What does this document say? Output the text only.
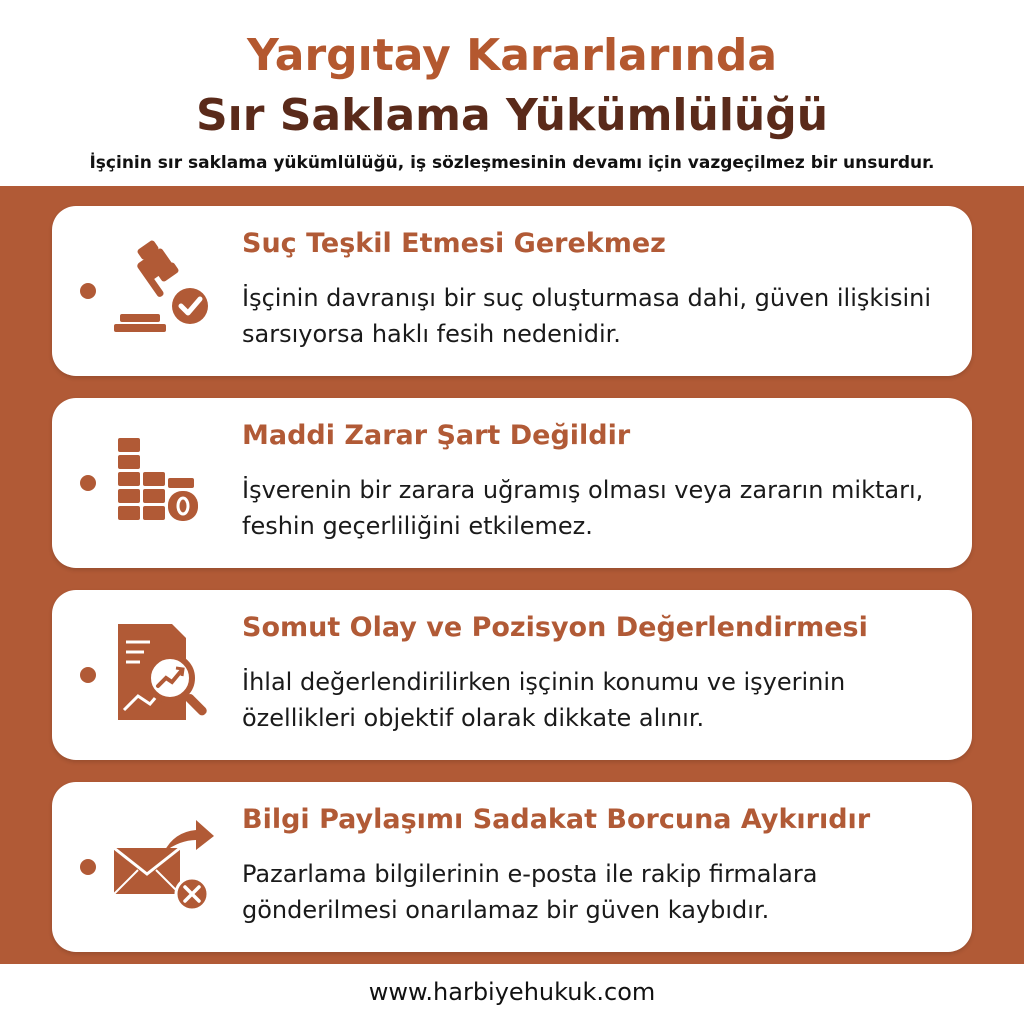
Yargıtay Kararlarında
Sır Saklama Yükümlülüğü
İşçinin sır saklama yükümlülüğü, iş sözleşmesinin devamı için vazgeçilmez bir unsurdur.
Suç Teşkil Etmesi Gerekmez
İşçinin davranışı bir suç oluşturmasa dahi, güven ilişkisini sarsıyorsa haklı fesih nedenidir.
Maddi Zarar Şart Değildir
İşverenin bir zarara uğramış olması veya zararın miktarı, feshin geçerliliğini etkilemez.
Somut Olay ve Pozisyon Değerlendirmesi
İhlal değerlendirilirken işçinin konumu ve işyerinin özellikleri objektif olarak dikkate alınır.
Bilgi Paylaşımı Sadakat Borcuna Aykırıdır
Pazarlama bilgilerinin e-posta ile rakip firmalara gönderilmesi onarılamaz bir güven kaybıdır.
www.harbiyehukuk.com
